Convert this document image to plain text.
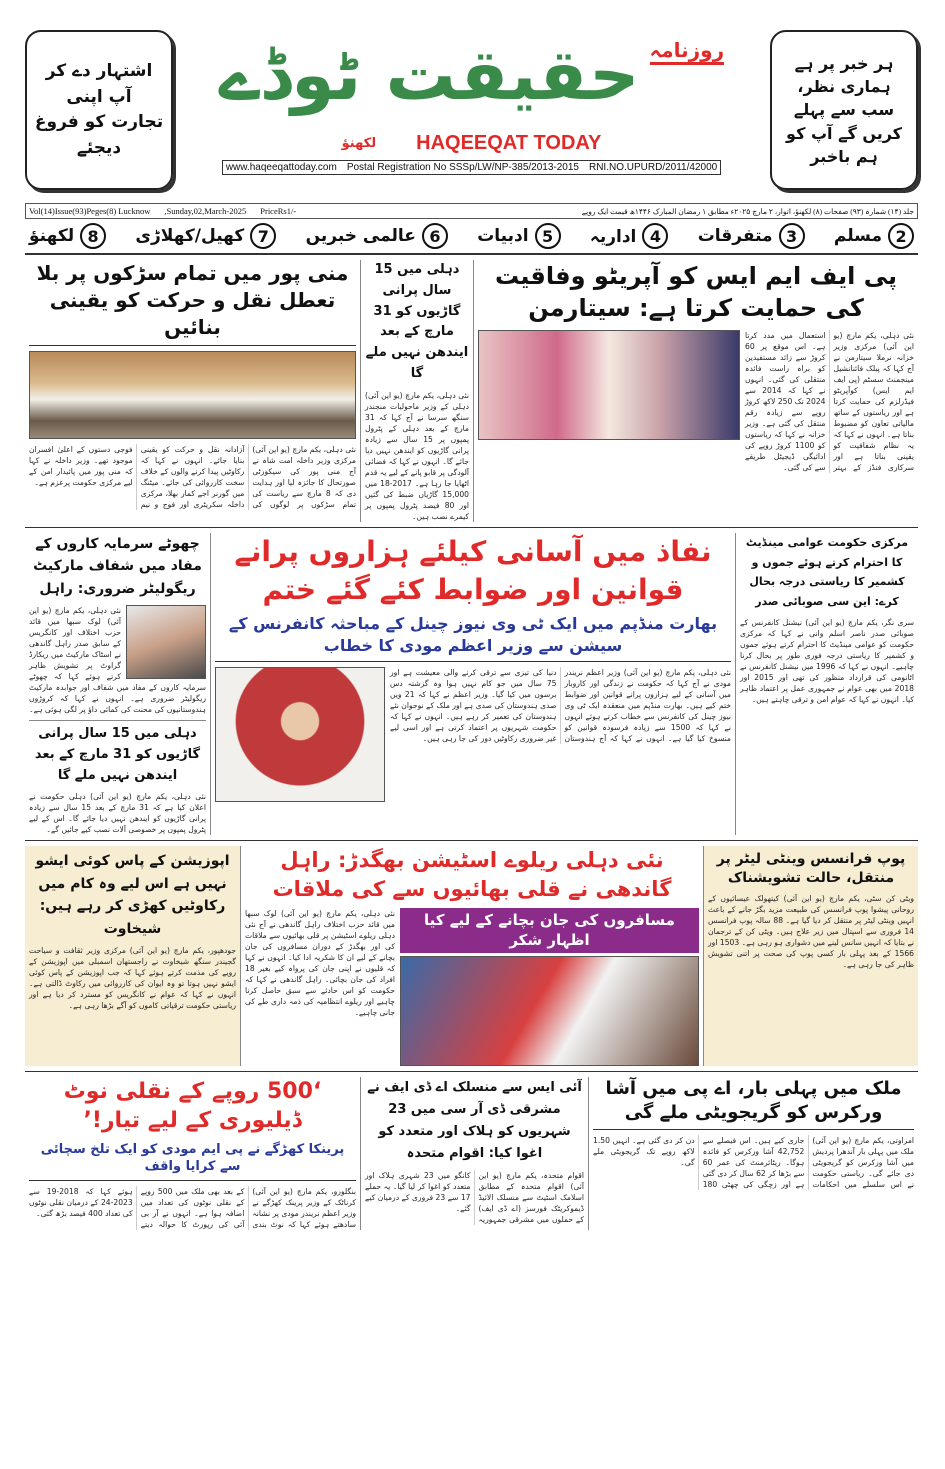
اشتہار دے کر
آپ اپنی
تجارت کو فروغ
دیجئے
روزنامہ
حقیقت ٹوڈے
لکھنؤ HAQEEQAT TODAY
www.haqeeqattoday.com Postal Registration No SSSp/LW/NP-385/2013-2015 RNI.NO.UPURD/2011/42000
ہر خبر پر ہے
ہماری نظر،
سب سے پہلے
کریں گے آپ کو
ہم باخبر
Vol(14)Issue(93)Peges(8) Lucknow ,Sunday,02,March-2025 PriceRs1/-	جلد (۱۴) شمارہ (۹۳) صفحات (۸) لکھنؤ، اتوار، ۲ مارچ ۲۰۲۵ء مطابق ۱ رمضان المبارک ۱۴۴۶ھ قیمت ایک روپے
2
مسلم
3
متفرقات
4
اداریہ
5
ادبیات
6
عالمی خبریں
7
کھیل/کھلاڑی
8
لکھنؤ
منی پور میں تمام سڑکوں پر بلا تعطل نقل و حرکت کو یقینی بنائیں
نئی دہلی، یکم مارچ (یو این آئی) مرکزی وزیر داخلہ امت شاہ نے آج منی پور کی سیکورٹی صورتحال کا جائزہ لیا اور ہدایت دی کہ 8 مارچ سے ریاست کی تمام سڑکوں پر لوگوں کی آزادانہ نقل و حرکت کو یقینی بنایا جائے۔ انہوں نے کہا کہ رکاوٹیں پیدا کرنے والوں کے خلاف سخت کارروائی کی جائے۔ میٹنگ میں گورنر اجے کمار بھلا، مرکزی داخلہ سکریٹری اور فوج و نیم فوجی دستوں کے اعلیٰ افسران موجود تھے۔ وزیر داخلہ نے کہا کہ منی پور میں پائیدار امن کے لیے مرکزی حکومت پرعزم ہے۔
دہلی میں 15 سال پرانی گاڑیوں کو 31 مارچ کے بعد ایندھن نہیں ملے گا
نئی دہلی، یکم مارچ (یو این آئی) دہلی کے وزیر ماحولیات منجندر سنگھ سرسا نے آج کہا کہ 31 مارچ کے بعد دہلی کے پٹرول پمپوں پر 15 سال سے زیادہ پرانی گاڑیوں کو ایندھن نہیں دیا جائے گا۔ انہوں نے کہا کہ فضائی آلودگی پر قابو پانے کے لیے یہ قدم اٹھایا جا رہا ہے۔ 2017-18 میں 15,000 گاڑیاں ضبط کی گئیں اور 80 فیصد پٹرول پمپوں پر کیمرے نصب ہیں۔
پی ایف ایم ایس کو آپریٹو وفاقیت کی حمایت کرتا ہے: سیتارمن
نئی دہلی، یکم مارچ (یو این آئی) مرکزی وزیر خزانہ نرملا سیتارمن نے آج کہا کہ پبلک فائنانشیل مینجمنٹ سسٹم (پی ایف ایم ایس) کوآپریٹو فیڈرلزم کی حمایت کرتا ہے اور ریاستوں کے ساتھ مالیاتی تعاون کو مضبوط بناتا ہے۔ انہوں نے کہا کہ یہ نظام شفافیت کو یقینی بناتا ہے اور سرکاری فنڈز کے بہتر استعمال میں مدد کرتا ہے۔ اس موقع پر 60 کروڑ سے زائد مستفیدین کو براہ راست فائدہ منتقلی کی گئی۔ انہوں نے کہا کہ 2014 سے 2024 تک 250 لاکھ کروڑ روپے سے زیادہ رقم منتقل کی گئی ہے۔ وزیر خزانہ نے کہا کہ ریاستوں کو 1100 کروڑ روپے کی ادائیگی ڈیجیٹل طریقے سے کی گئی۔
چھوٹے سرمایہ کاروں کے مفاد میں شفاف مارکیٹ ریگولیٹر ضروری: راہل
نئی دہلی، یکم مارچ (یو این آئی) لوک سبھا میں قائد حزب اختلاف اور کانگریس کے سابق صدر راہل گاندھی نے اسٹاک مارکیٹ میں ریکارڈ گراوٹ پر تشویش ظاہر کرتے ہوئے کہا کہ چھوٹے سرمایہ کاروں کے مفاد میں شفاف اور جوابدہ مارکیٹ ریگولیٹر ضروری ہے۔ انہوں نے کہا کہ کروڑوں ہندوستانیوں کی محنت کی کمائی داؤ پر لگی ہوئی ہے۔
دہلی میں 15 سال پرانی گاڑیوں کو 31 مارچ کے بعد ایندھن نہیں ملے گا
نئی دہلی، یکم مارچ (یو این آئی) دہلی حکومت نے اعلان کیا ہے کہ 31 مارچ کے بعد 15 سال سے زیادہ پرانی گاڑیوں کو ایندھن نہیں دیا جائے گا۔ اس کے لیے پٹرول پمپوں پر خصوصی آلات نصب کیے جائیں گے۔
نفاذ میں آسانی کیلئے ہزاروں پرانے قوانین اور ضوابط کئے گئے ختم
بھارت منڈپم میں ایک ٹی وی نیوز چینل کے مباحثہ کانفرنس کے سیشن سے وزیر اعظم مودی کا خطاب
نئی دہلی، یکم مارچ (یو این آئی) وزیر اعظم نریندر مودی نے آج کہا کہ حکومت نے زندگی اور کاروبار میں آسانی کے لیے ہزاروں پرانے قوانین اور ضوابط ختم کیے ہیں۔ بھارت منڈپم میں منعقدہ ایک ٹی وی نیوز چینل کی کانفرنس سے خطاب کرتے ہوئے انہوں نے کہا کہ 1500 سے زیادہ فرسودہ قوانین کو منسوخ کیا گیا ہے۔ انہوں نے کہا کہ آج ہندوستان دنیا کی تیزی سے ترقی کرنے والی معیشت ہے اور 75 سال میں جو کام نہیں ہوا وہ گزشتہ دس برسوں میں کیا گیا۔ وزیر اعظم نے کہا کہ 21 ویں صدی ہندوستان کی صدی ہے اور ملک کے نوجوان نئے ہندوستان کی تعمیر کر رہے ہیں۔ انہوں نے کہا کہ حکومت شہریوں پر اعتماد کرتی ہے اور اسی لیے غیر ضروری رکاوٹیں دور کی جا رہی ہیں۔
مرکزی حکومت عوامی مینڈیٹ کا احترام کرتے ہوئے جموں و کشمیر کا ریاستی درجہ بحال کرے: این سی صوبائی صدر
سری نگر، یکم مارچ (یو این آئی) نیشنل کانفرنس کے صوبائی صدر ناصر اسلم وانی نے کہا کہ مرکزی حکومت کو عوامی مینڈیٹ کا احترام کرتے ہوئے جموں و کشمیر کا ریاستی درجہ فوری طور پر بحال کرنا چاہیے۔ انہوں نے کہا کہ 1996 میں نیشنل کانفرنس نے اٹانومی کی قرارداد منظور کی تھی اور 2015 اور 2018 میں بھی عوام نے جمہوری عمل پر اعتماد ظاہر کیا۔ انہوں نے کہا کہ عوام امن و ترقی چاہتے ہیں۔
اپوزیشن کے پاس کوئی ایشو نہیں ہے اس لیے وہ کام میں رکاوٹیں کھڑی کر رہے ہیں: شیخاوت
جودھپور، یکم مارچ (یو این آئی) مرکزی وزیر ثقافت و سیاحت گجیندر سنگھ شیخاوت نے راجستھان اسمبلی میں اپوزیشن کے رویے کی مذمت کرتے ہوئے کہا کہ جب اپوزیشن کے پاس کوئی ایشو نہیں ہوتا تو وہ ایوان کی کارروائی میں رکاوٹ ڈالتی ہے۔ انہوں نے کہا کہ عوام نے کانگریس کو مسترد کر دیا ہے اور ریاستی حکومت ترقیاتی کاموں کو آگے بڑھا رہی ہے۔
نئی دہلی ریلوے اسٹیشن بھگدڑ: راہل گاندھی نے قلی بھائیوں سے کی ملاقات
نئی دہلی، یکم مارچ (یو این آئی) لوک سبھا میں قائد حزب اختلاف راہل گاندھی نے آج نئی دہلی ریلوے اسٹیشن پر قلی بھائیوں سے ملاقات کی اور بھگدڑ کے دوران مسافروں کی جان بچانے کے لیے ان کا شکریہ ادا کیا۔ انہوں نے کہا کہ قلیوں نے اپنی جان کی پرواہ کیے بغیر 18 افراد کی جان بچائی۔ راہل گاندھی نے کہا کہ حکومت کو اس حادثے سے سبق حاصل کرنا چاہیے اور ریلوے انتظامیہ کی ذمہ داری طے کی جانی چاہیے۔
مسافروں کی جان بچانے کے لیے کیا اظہار شکر
پوپ فرانسس وینٹی لیٹر پر منتقل، حالت تشویشناک
ویٹی کن سٹی، یکم مارچ (یو این آئی) کیتھولک عیسائیوں کے روحانی پیشوا پوپ فرانسس کی طبیعت مزید بگڑ جانے کے باعث انہیں وینٹی لیٹر پر منتقل کر دیا گیا ہے۔ 88 سالہ پوپ فرانسس 14 فروری سے اسپتال میں زیر علاج ہیں۔ ویٹی کن کے ترجمان نے بتایا کہ انہیں سانس لینے میں دشواری ہو رہی ہے۔ 1503 اور 1566 کے بعد پہلی بار کسی پوپ کی صحت پر اتنی تشویش ظاہر کی جا رہی ہے۔
‘500 روپے کے نقلی نوٹ ڈیلیوری کے لیے تیار!’
پرینکا کھڑگے نے پی ایم مودی کو ایک تلخ سچائی سے کرایا واقف
بنگلورو، یکم مارچ (یو این آئی) کرناٹک کے وزیر پرینک کھڑگے نے وزیر اعظم نریندر مودی پر نشانہ سادھتے ہوئے کہا کہ نوٹ بندی کے بعد بھی ملک میں 500 روپے کے نقلی نوٹوں کی تعداد میں اضافہ ہوا ہے۔ انہوں نے آر بی آئی کی رپورٹ کا حوالہ دیتے ہوئے کہا کہ 2018-19 سے 2023-24 کے درمیان نقلی نوٹوں کی تعداد 400 فیصد بڑھ گئی۔
آئی ایس سے منسلک اے ڈی ایف نے مشرقی ڈی آر سی میں 23 شہریوں کو ہلاک اور متعدد کو اغوا کیا: اقوام متحدہ
اقوام متحدہ، یکم مارچ (یو این آئی) اقوام متحدہ کے مطابق اسلامک اسٹیٹ سے منسلک الائیڈ ڈیموکریٹک فورسز (اے ڈی ایف) کے حملوں میں مشرقی جمہوریہ کانگو میں 23 شہری ہلاک اور متعدد کو اغوا کر لیا گیا۔ یہ حملے 17 سے 23 فروری کے درمیان کیے گئے۔
ملک میں پہلی بار، اے پی میں آشا ورکرس کو گریجویٹی ملے گی
امراوتی، یکم مارچ (یو این آئی) ملک میں پہلی بار آندھرا پردیش میں آشا ورکرس کو گریجویٹی دی جائے گی۔ ریاستی حکومت نے اس سلسلے میں احکامات جاری کیے ہیں۔ اس فیصلے سے 42,752 آشا ورکرس کو فائدہ ہوگا۔ ریٹائرمنٹ کی عمر 60 سے بڑھا کر 62 سال کر دی گئی ہے اور زچگی کی چھٹی 180 دن کر دی گئی ہے۔ انہیں 1.50 لاکھ روپے تک گریجویٹی ملے گی۔
